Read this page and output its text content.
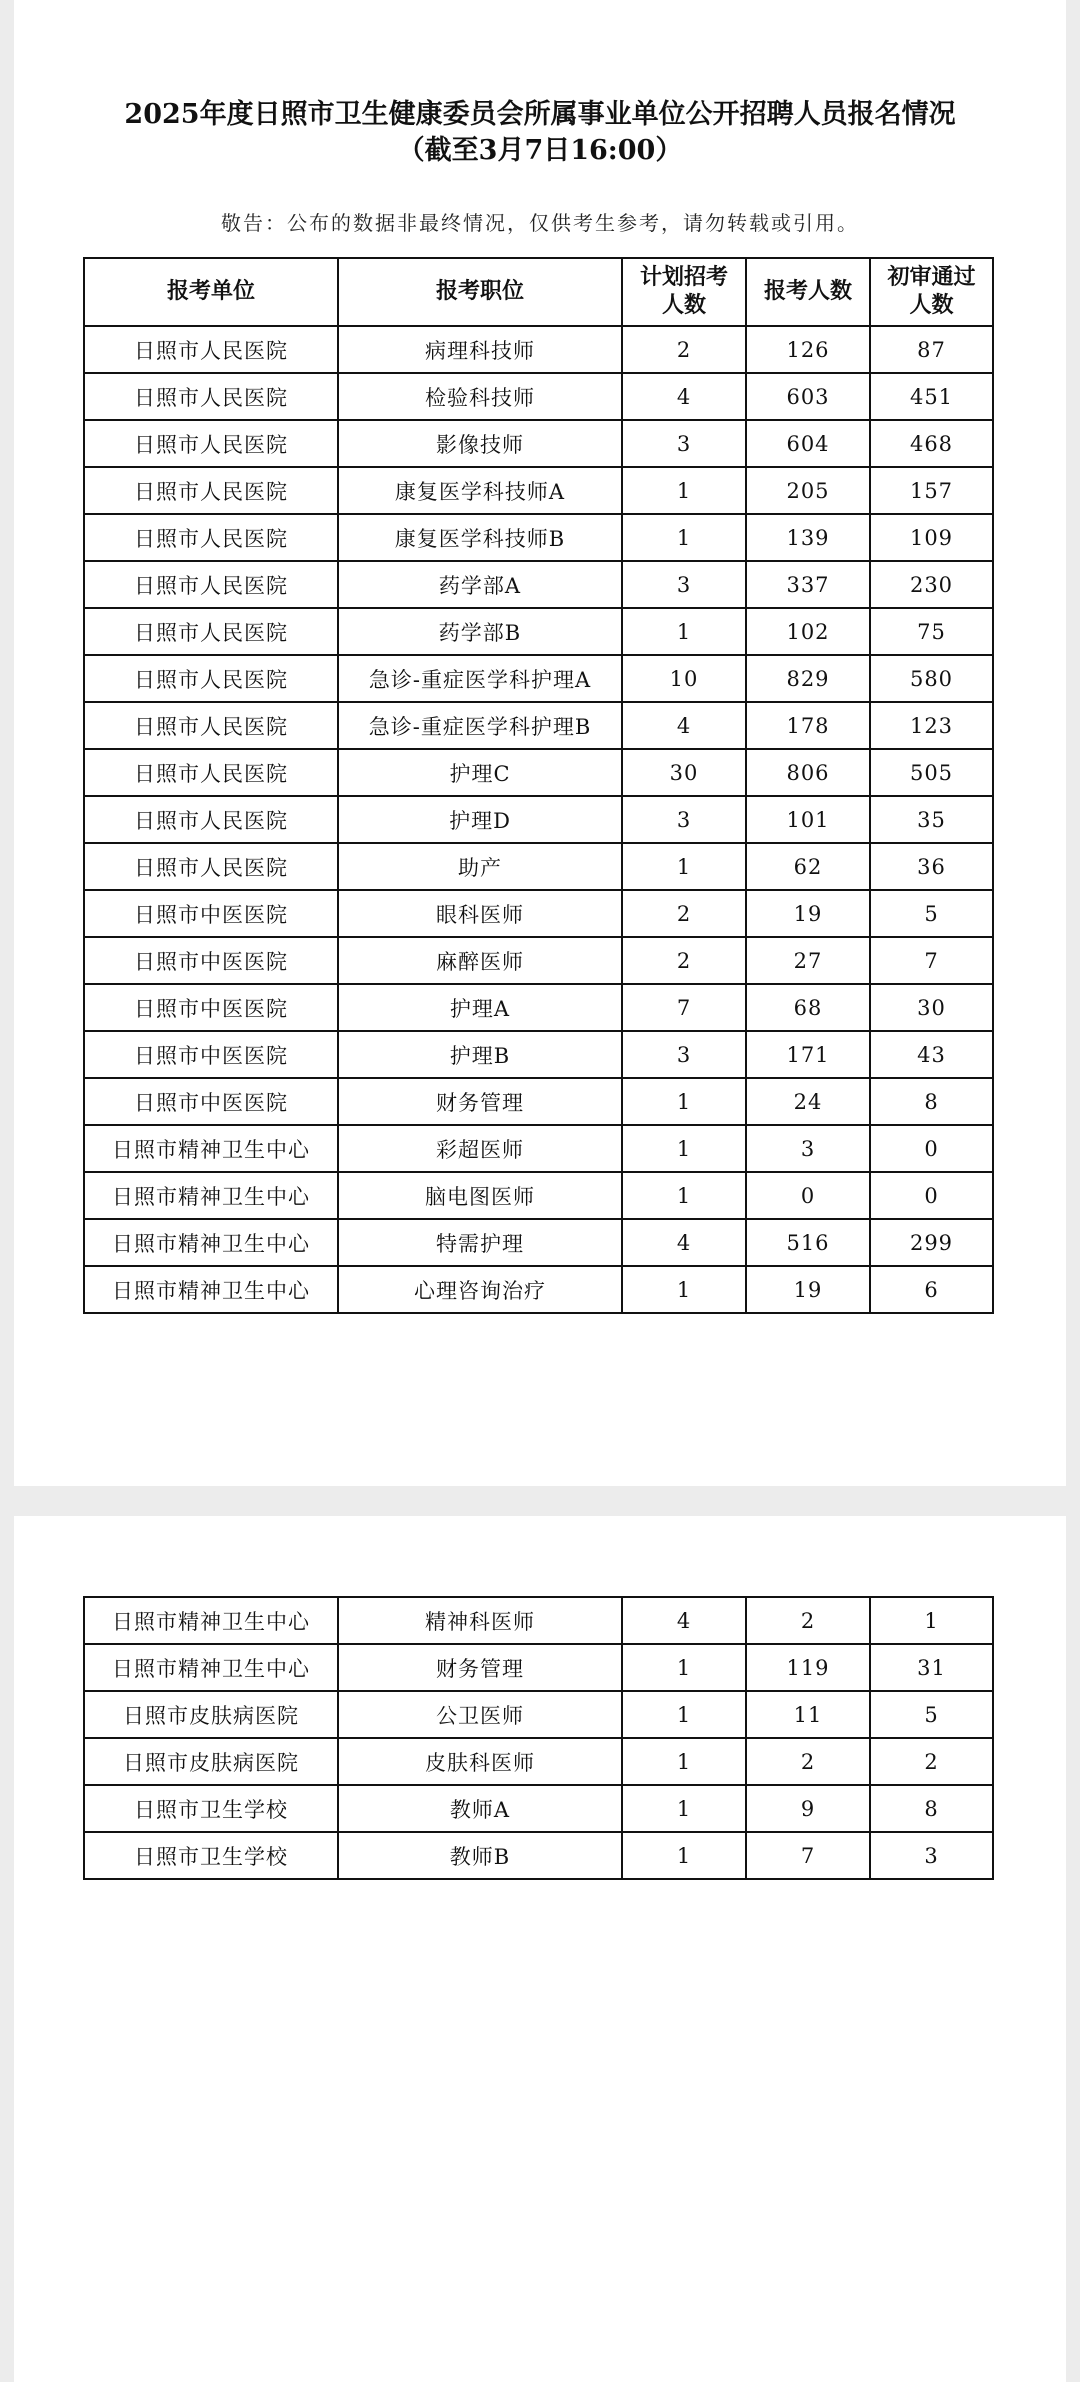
2025年度日照市卫生健康委员会所属事业单位公开招聘人员报名情况
（截至3月7日16:00）
敬告：公布的数据非最终情况，仅供考生参考，请勿转载或引用。
报考单位	报考职位	计划招考人数	报考人数	初审通过人数
日照市人民医院	病理科技师	2	126	87
日照市人民医院	检验科技师	4	603	451
日照市人民医院	影像技师	3	604	468
日照市人民医院	康复医学科技师A	1	205	157
日照市人民医院	康复医学科技师B	1	139	109
日照市人民医院	药学部A	3	337	230
日照市人民医院	药学部B	1	102	75
日照市人民医院	急诊-重症医学科护理A	10	829	580
日照市人民医院	急诊-重症医学科护理B	4	178	123
日照市人民医院	护理C	30	806	505
日照市人民医院	护理D	3	101	35
日照市人民医院	助产	1	62	36
日照市中医医院	眼科医师	2	19	5
日照市中医医院	麻醉医师	2	27	7
日照市中医医院	护理A	7	68	30
日照市中医医院	护理B	3	171	43
日照市中医医院	财务管理	1	24	8
日照市精神卫生中心	彩超医师	1	3	0
日照市精神卫生中心	脑电图医师	1	0	0
日照市精神卫生中心	特需护理	4	516	299
日照市精神卫生中心	心理咨询治疗	1	19	6
日照市精神卫生中心	精神科医师	4	2	1
日照市精神卫生中心	财务管理	1	119	31
日照市皮肤病医院	公卫医师	1	11	5
日照市皮肤病医院	皮肤科医师	1	2	2
日照市卫生学校	教师A	1	9	8
日照市卫生学校	教师B	1	7	3
